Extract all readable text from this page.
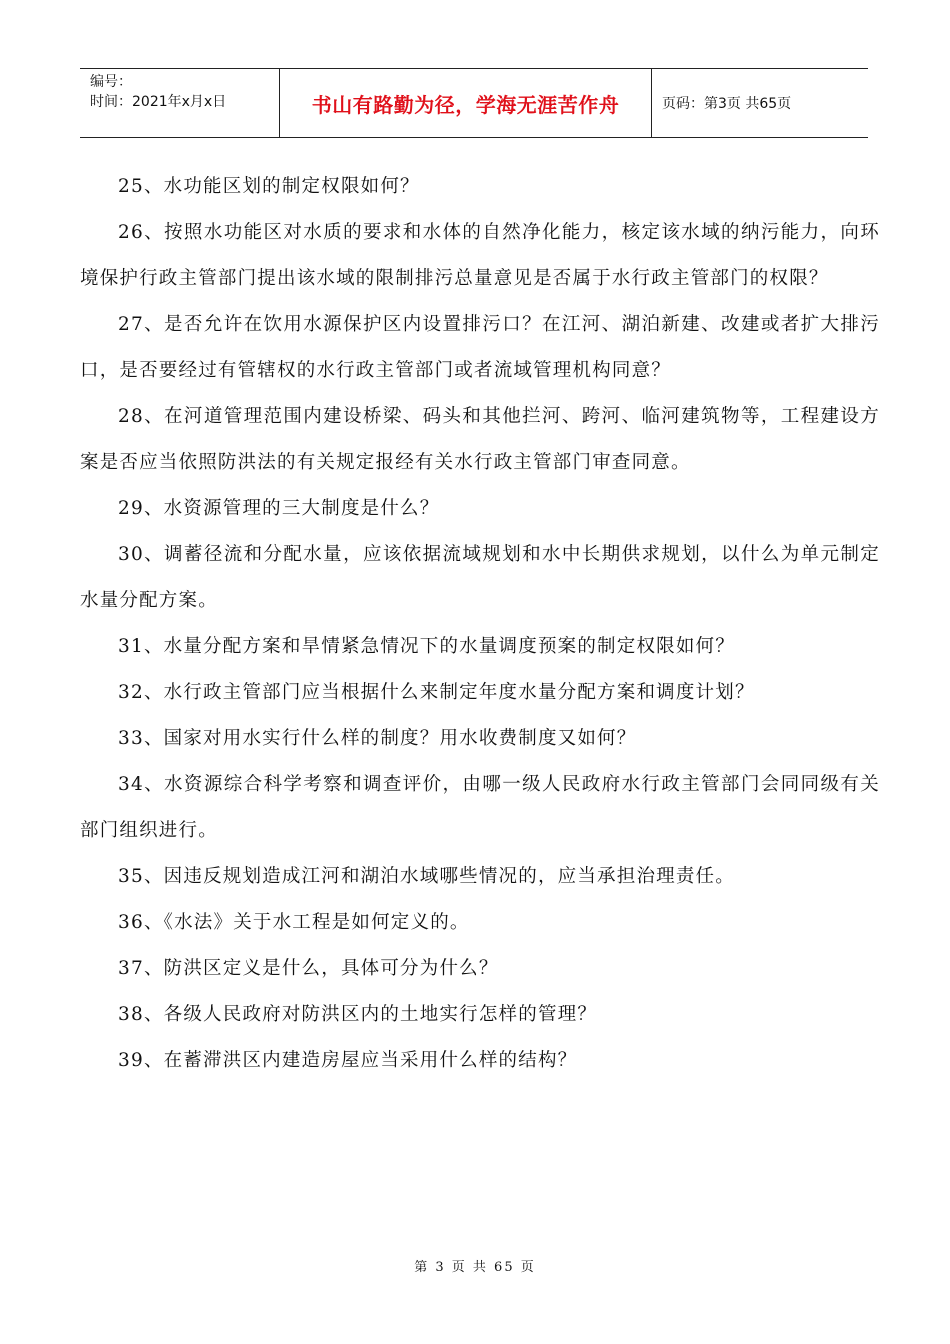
编号：
时间：2021年x月x日	书山有路勤为径，学海无涯苦作舟	页码：第3页 共65页

25、水功能区划的制定权限如何？

26、按照水功能区对水质的要求和水体的自然净化能力，核定该水域的纳污能力，向环境保护行政主管部门提出该水域的限制排污总量意见是否属于水行政主管部门的权限？

27、是否允许在饮用水源保护区内设置排污口？在江河、湖泊新建、改建或者扩大排污口，是否要经过有管辖权的水行政主管部门或者流域管理机构同意？

28、在河道管理范围内建设桥梁、码头和其他拦河、跨河、临河建筑物等，工程建设方案是否应当依照防洪法的有关规定报经有关水行政主管部门审查同意。

29、水资源管理的三大制度是什么？

30、调蓄径流和分配水量，应该依据流域规划和水中长期供求规划，以什么为单元制定水量分配方案。

31、水量分配方案和旱情紧急情况下的水量调度预案的制定权限如何？

32、水行政主管部门应当根据什么来制定年度水量分配方案和调度计划？

33、国家对用水实行什么样的制度？用水收费制度又如何？

34、水资源综合科学考察和调查评价，由哪一级人民政府水行政主管部门会同同级有关部门组织进行。

35、因违反规划造成江河和湖泊水域哪些情况的，应当承担治理责任。

36、《水法》关于水工程是如何定义的。

37、防洪区定义是什么，具体可分为什么？

38、各级人民政府对防洪区内的土地实行怎样的管理？

39、在蓄滞洪区内建造房屋应当采用什么样的结构？

第 3 页 共 65 页
